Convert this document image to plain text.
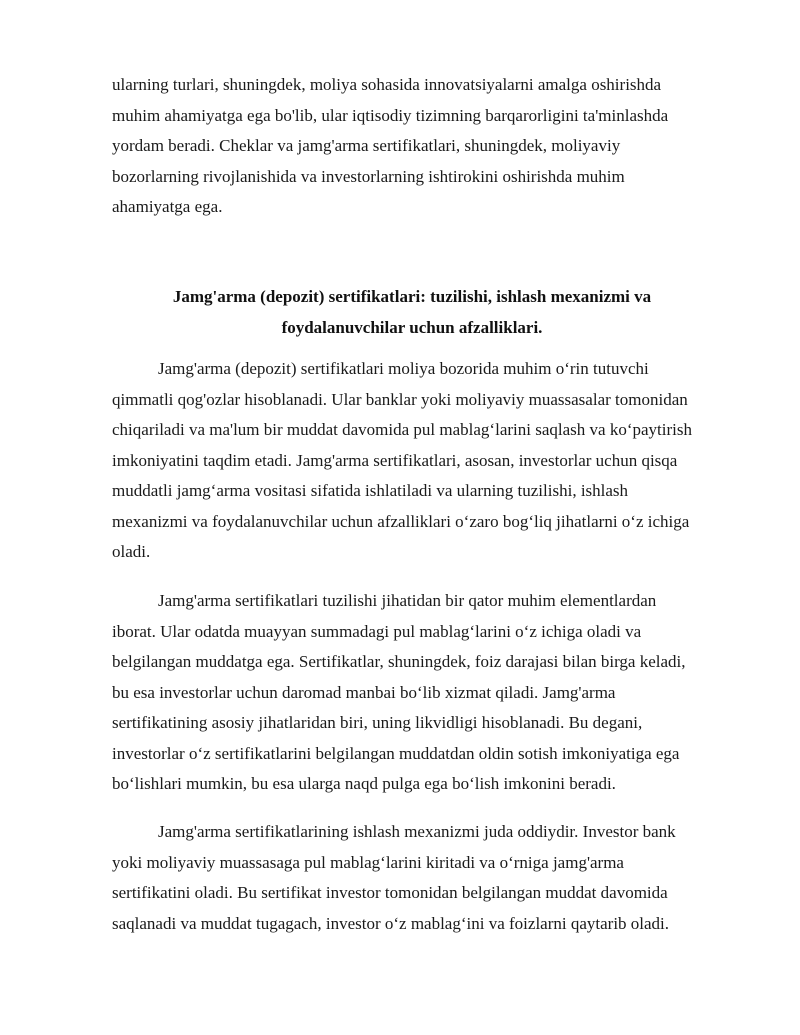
ularning turlari, shuningdek, moliya sohasida innovatsiyalarni amalga oshirishda
muhim ahamiyatga ega bo'lib, ular iqtisodiy tizimning barqarorligini ta'minlashda
yordam beradi. Cheklar va jamg'arma sertifikatlari, shuningdek, moliyaviy
bozorlarning rivojlanishida va investorlarning ishtirokini oshirishda muhim
ahamiyatga ega.
Jamg'arma (depozit) sertifikatlari: tuzilishi, ishlash mexanizmi va
foydalanuvchilar uchun afzalliklari.
Jamg'arma (depozit) sertifikatlari moliya bozorida muhim o‘rin tutuvchi
qimmatli qog'ozlar hisoblanadi. Ular banklar yoki moliyaviy muassasalar tomonidan
chiqariladi va ma'lum bir muddat davomida pul mablag‘larini saqlash va ko‘paytirish
imkoniyatini taqdim etadi. Jamg'arma sertifikatlari, asosan, investorlar uchun qisqa
muddatli jamg‘arma vositasi sifatida ishlatiladi va ularning tuzilishi, ishlash
mexanizmi va foydalanuvchilar uchun afzalliklari o‘zaro bog‘liq jihatlarni o‘z ichiga
oladi.
Jamg'arma sertifikatlari tuzilishi jihatidan bir qator muhim elementlardan
iborat. Ular odatda muayyan summadagi pul mablag‘larini o‘z ichiga oladi va
belgilangan muddatga ega. Sertifikatlar, shuningdek, foiz darajasi bilan birga keladi,
bu esa investorlar uchun daromad manbai bo‘lib xizmat qiladi. Jamg'arma
sertifikatining asosiy jihatlaridan biri, uning likvidligi hisoblanadi. Bu degani,
investorlar o‘z sertifikatlarini belgilangan muddatdan oldin sotish imkoniyatiga ega
bo‘lishlari mumkin, bu esa ularga naqd pulga ega bo‘lish imkonini beradi.
Jamg'arma sertifikatlarining ishlash mexanizmi juda oddiydir. Investor bank
yoki moliyaviy muassasaga pul mablag‘larini kiritadi va o‘rniga jamg'arma
sertifikatini oladi. Bu sertifikat investor tomonidan belgilangan muddat davomida
saqlanadi va muddat tugagach, investor o‘z mablag‘ini va foizlarni qaytarib oladi.
